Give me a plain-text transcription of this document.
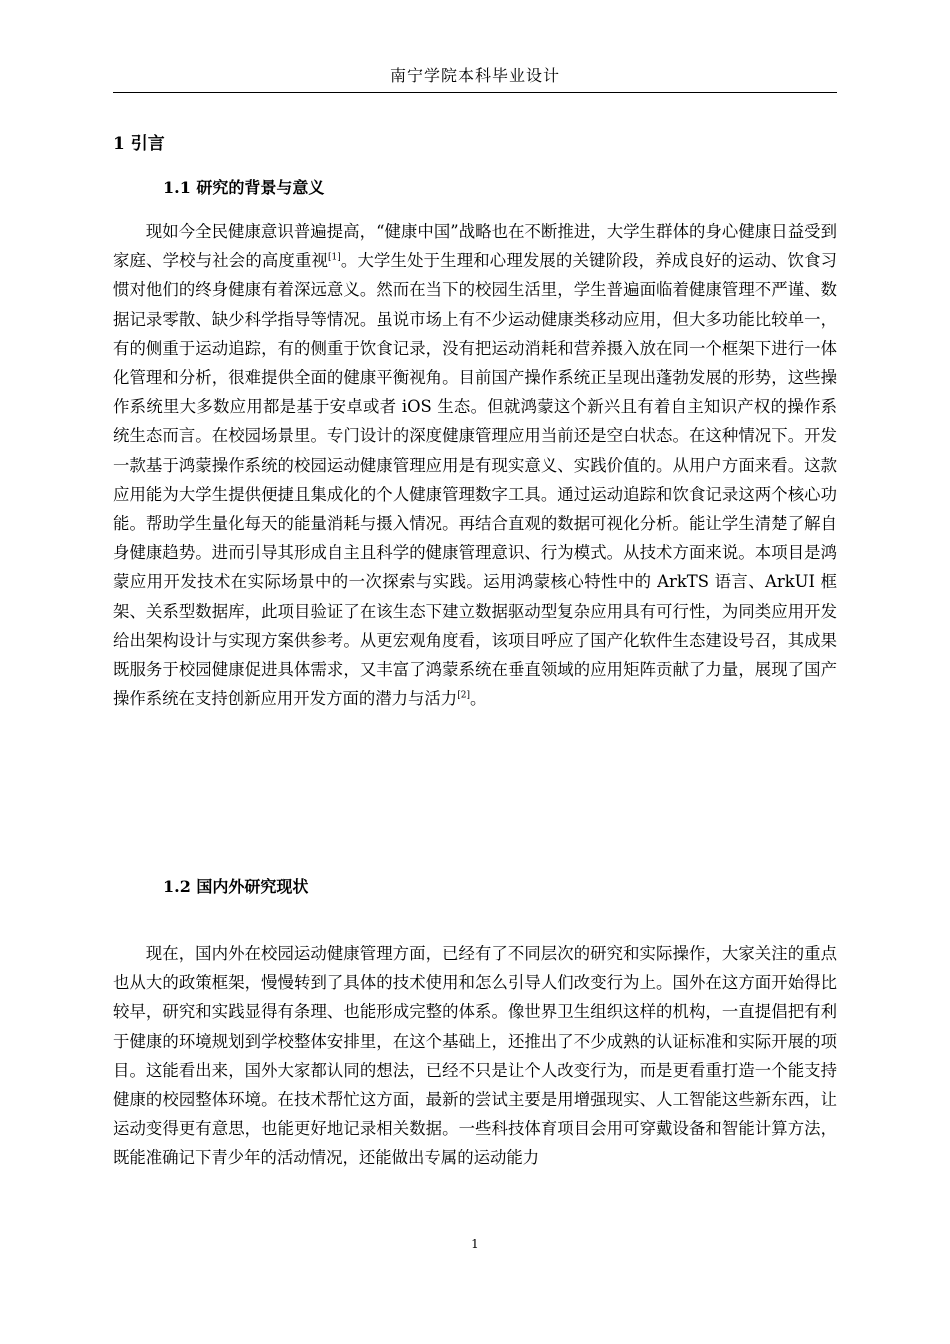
南宁学院本科毕业设计
1 引言
1.1 研究的背景与意义

现如今全民健康意识普遍提高，“健康中国”战略也在不断推进，大学生群体的身心健康日益受到家庭、学校与社会的高度重视[1]。大学生处于生理和心理发展的关键阶段，养成良好的运动、饮食习惯对他们的终身健康有着深远意义。然而在当下的校园生活里，学生普遍面临着健康管理不严谨、数据记录零散、缺少科学指导等情况。虽说市场上有不少运动健康类移动应用，但大多功能比较单一，有的侧重于运动追踪，有的侧重于饮食记录，没有把运动消耗和营养摄入放在同一个框架下进行一体化管理和分析，很难提供全面的健康平衡视角。目前国产操作系统正呈现出蓬勃发展的形势，这些操作系统里大多数应用都是基于安卓或者 iOS 生态。但就鸿蒙这个新兴且有着自主知识产权的操作系统生态而言。在校园场景里。专门设计的深度健康管理应用当前还是空白状态。在这种情况下。开发一款基于鸿蒙操作系统的校园运动健康管理应用是有现实意义、实践价值的。从用户方面来看。这款应用能为大学生提供便捷且集成化的个人健康管理数字工具。通过运动追踪和饮食记录这两个核心功能。帮助学生量化每天的能量消耗与摄入情况。再结合直观的数据可视化分析。能让学生清楚了解自身健康趋势。进而引导其形成自主且科学的健康管理意识、行为模式。从技术方面来说。本项目是鸿蒙应用开发技术在实际场景中的一次探索与实践。运用鸿蒙核心特性中的 ArkTS 语言、ArkUI 框架、关系型数据库，此项目验证了在该生态下建立数据驱动型复杂应用具有可行性，为同类应用开发给出架构设计与实现方案供参考。从更宏观角度看，该项目呼应了国产化软件生态建设号召，其成果既服务于校园健康促进具体需求，又丰富了鸿蒙系统在垂直领域的应用矩阵贡献了力量，展现了国产操作系统在支持创新应用开发方面的潜力与活力[2]。

1.2 国内外研究现状

现在，国内外在校园运动健康管理方面，已经有了不同层次的研究和实际操作，大家关注的重点也从大的政策框架，慢慢转到了具体的技术使用和怎么引导人们改变行为上。国外在这方面开始得比较早，研究和实践显得有条理、也能形成完整的体系。像世界卫生组织这样的机构，一直提倡把有利于健康的环境规划到学校整体安排里，在这个基础上，还推出了不少成熟的认证标准和实际开展的项目。这能看出来，国外大家都认同的想法，已经不只是让个人改变行为，而是更看重打造一个能支持健康的校园整体环境。在技术帮忙这方面，最新的尝试主要是用增强现实、人工智能这些新东西，让运动变得更有意思，也能更好地记录相关数据。一些科技体育项目会用可穿戴设备和智能计算方法，既能准确记下青少年的活动情况，还能做出专属的运动能力

1
